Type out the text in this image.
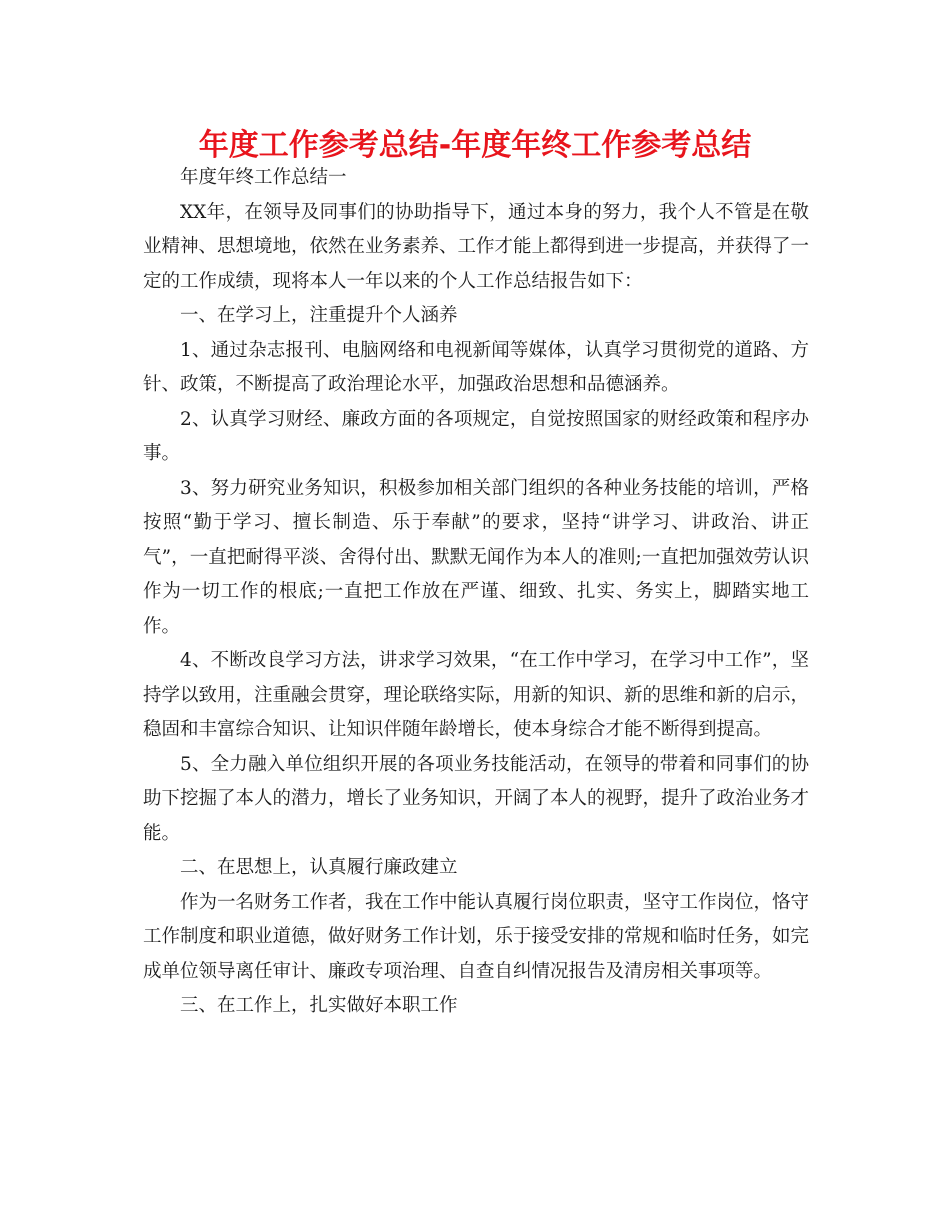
年度工作参考总结-年度年终工作参考总结

年度年终工作总结一

XX年，在领导及同事们的协助指导下，通过本身的努力，我个人不管是在敬业精神、思想境地，依然在业务素养、工作才能上都得到进一步提高，并获得了一定的工作成绩，现将本人一年以来的个人工作总结报告如下：

一、在学习上，注重提升个人涵养

1、通过杂志报刊、电脑网络和电视新闻等媒体，认真学习贯彻党的道路、方针、政策，不断提高了政治理论水平，加强政治思想和品德涵养。

2、认真学习财经、廉政方面的各项规定，自觉按照国家的财经政策和程序办事。

3、努力研究业务知识，积极参加相关部门组织的各种业务技能的培训，严格按照“勤于学习、擅长制造、乐于奉献”的要求，坚持“讲学习、讲政治、讲正气”，一直把耐得平淡、舍得付出、默默无闻作为本人的准则;一直把加强效劳认识作为一切工作的根底;一直把工作放在严谨、细致、扎实、务实上，脚踏实地工作。

4、不断改良学习方法，讲求学习效果，“在工作中学习，在学习中工作”，坚持学以致用，注重融会贯穿，理论联络实际，用新的知识、新的思维和新的启示，稳固和丰富综合知识、让知识伴随年龄增长，使本身综合才能不断得到提高。

5、全力融入单位组织开展的各项业务技能活动，在领导的带着和同事们的协助下挖掘了本人的潜力，增长了业务知识，开阔了本人的视野，提升了政治业务才能。

二、在思想上，认真履行廉政建立

作为一名财务工作者，我在工作中能认真履行岗位职责，坚守工作岗位，恪守工作制度和职业道德，做好财务工作计划，乐于接受安排的常规和临时任务，如完成单位领导离任审计、廉政专项治理、自查自纠情况报告及清房相关事项等。

三、在工作上，扎实做好本职工作
